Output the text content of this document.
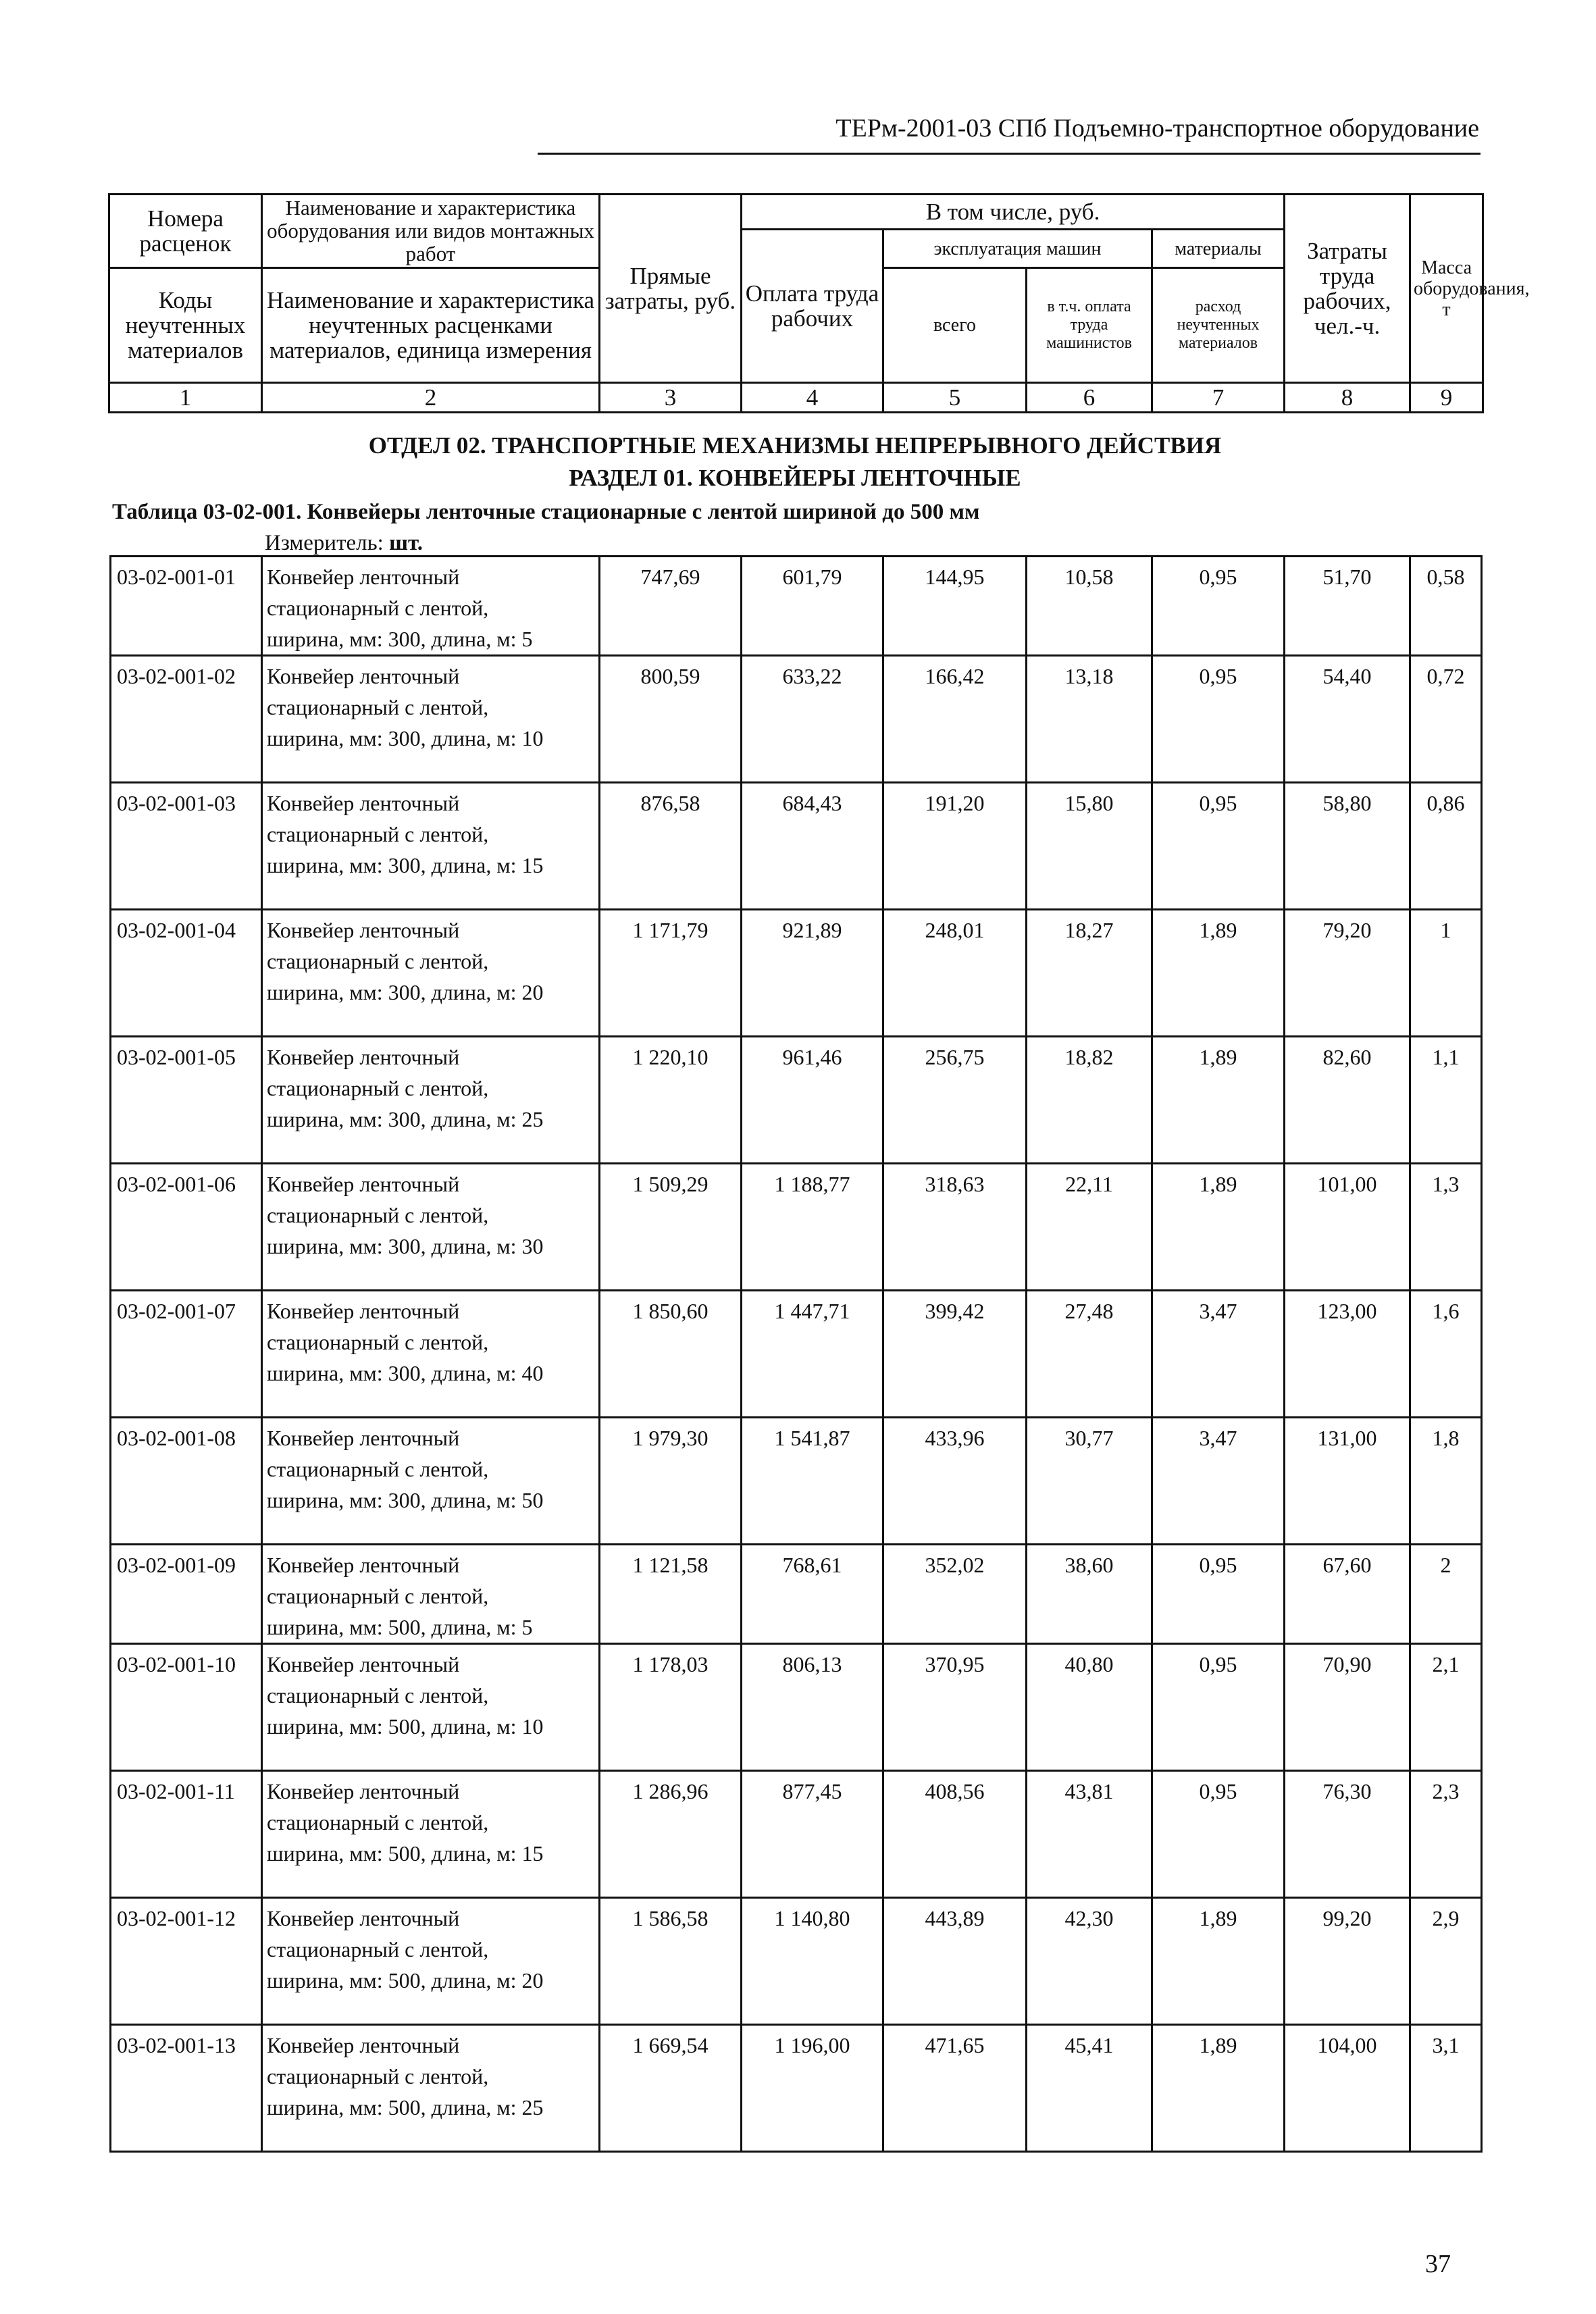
ТЕРм-2001-03 СПб Подъемно-транспортное оборудование
Номера расценок	Наименование и характеристика оборудования или видов монтажных работ	Прямые затраты, руб.	В том числе, руб.				Затраты труда рабочих, чел.-ч.	Масса оборудования, т
			Оплата труда рабочих	эксплуатация машин		материалы		
Коды неучтенных материалов	Наименование и характеристика неучтенных расценками материалов, единица измерения			всего	в т.ч. оплата труда машинистов	расход неучтенных материалов		

1	2	3	4	5	6	7	8	9
ОТДЕЛ 02. ТРАНСПОРТНЫЕ МЕХАНИЗМЫ НЕПРЕРЫВНОГО ДЕЙСТВИЯ
РАЗДЕЛ 01. КОНВЕЙЕРЫ ЛЕНТОЧНЫЕ
Таблица 03-02-001. Конвейеры ленточные стационарные с лентой шириной до 500 мм
Измеритель: шт.
03-02-001-01	Конвейер ленточный
стационарный с лентой,
ширина, мм: 300, длина, м: 5	747,69	601,79	144,95	10,58	0,95	51,70	0,58
03-02-001-02	Конвейер ленточный
стационарный с лентой,
ширина, мм: 300, длина, м: 10	800,59	633,22	166,42	13,18	0,95	54,40	0,72
03-02-001-03	Конвейер ленточный
стационарный с лентой,
ширина, мм: 300, длина, м: 15	876,58	684,43	191,20	15,80	0,95	58,80	0,86
03-02-001-04	Конвейер ленточный
стационарный с лентой,
ширина, мм: 300, длина, м: 20	1 171,79	921,89	248,01	18,27	1,89	79,20	1
03-02-001-05	Конвейер ленточный
стационарный с лентой,
ширина, мм: 300, длина, м: 25	1 220,10	961,46	256,75	18,82	1,89	82,60	1,1
03-02-001-06	Конвейер ленточный
стационарный с лентой,
ширина, мм: 300, длина, м: 30	1 509,29	1 188,77	318,63	22,11	1,89	101,00	1,3
03-02-001-07	Конвейер ленточный
стационарный с лентой,
ширина, мм: 300, длина, м: 40	1 850,60	1 447,71	399,42	27,48	3,47	123,00	1,6
03-02-001-08	Конвейер ленточный
стационарный с лентой,
ширина, мм: 300, длина, м: 50	1 979,30	1 541,87	433,96	30,77	3,47	131,00	1,8
03-02-001-09	Конвейер ленточный
стационарный с лентой,
ширина, мм: 500, длина, м: 5	1 121,58	768,61	352,02	38,60	0,95	67,60	2
03-02-001-10	Конвейер ленточный
стационарный с лентой,
ширина, мм: 500, длина, м: 10	1 178,03	806,13	370,95	40,80	0,95	70,90	2,1
03-02-001-11	Конвейер ленточный
стационарный с лентой,
ширина, мм: 500, длина, м: 15	1 286,96	877,45	408,56	43,81	0,95	76,30	2,3
03-02-001-12	Конвейер ленточный
стационарный с лентой,
ширина, мм: 500, длина, м: 20	1 586,58	1 140,80	443,89	42,30	1,89	99,20	2,9
03-02-001-13	Конвейер ленточный
стационарный с лентой,
ширина, мм: 500, длина, м: 25	1 669,54	1 196,00	471,65	45,41	1,89	104,00	3,1
37
